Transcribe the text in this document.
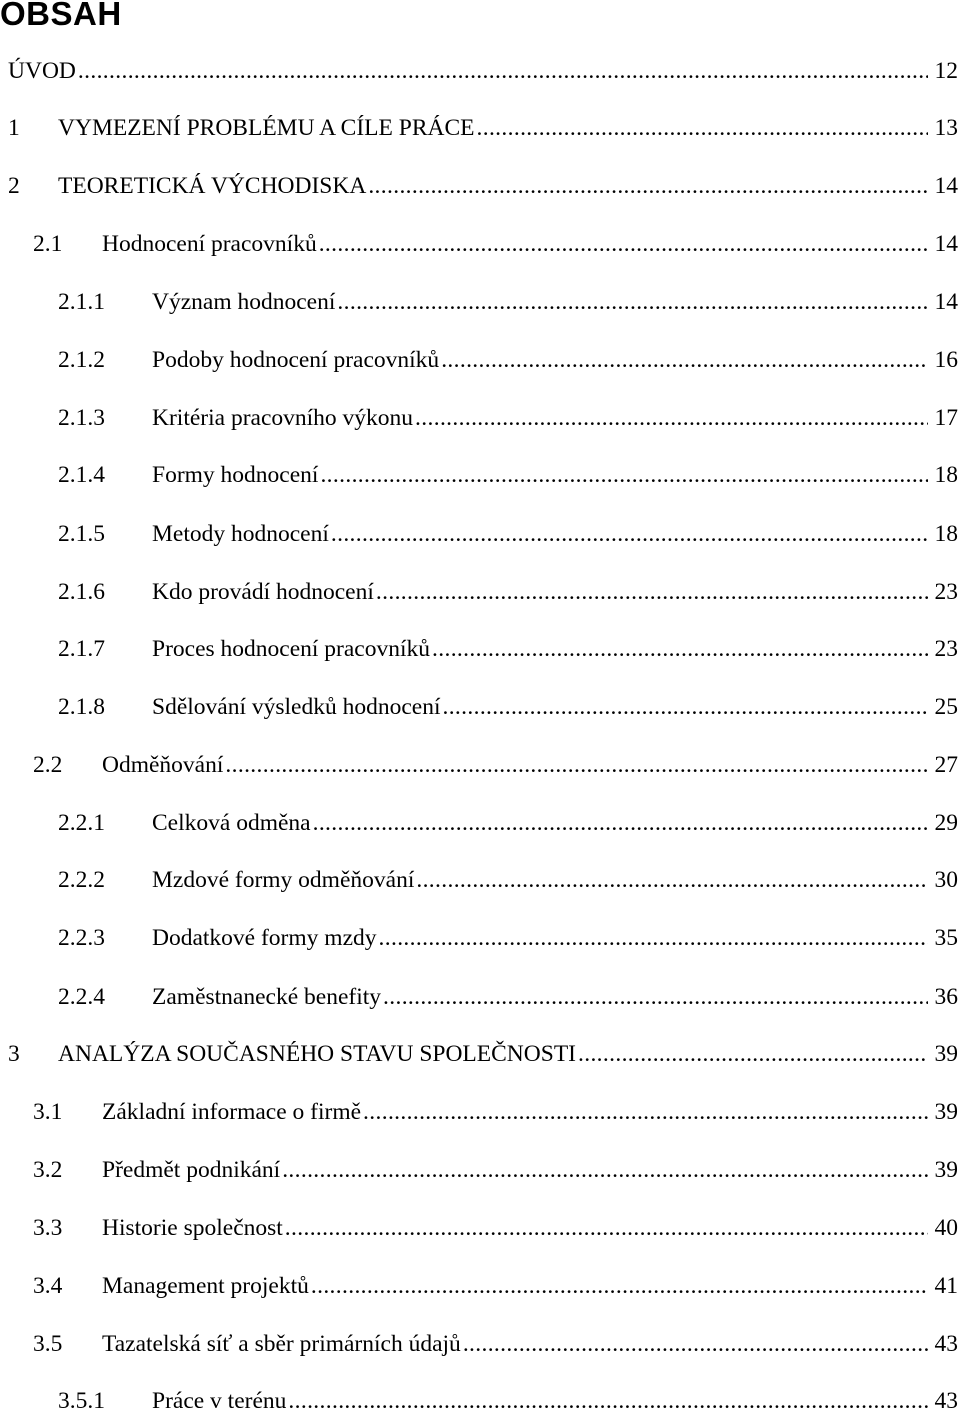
OBSAH
ÚVOD .....	12
1	VYMEZENÍ PROBLÉMU A CÍLE PRÁCE .....	13
2	TEORETICKÁ VÝCHODISKA .....	14
2.1	Hodnocení pracovníků .....	14
2.1.1	Význam hodnocení .....	14
2.1.2	Podoby hodnocení pracovníků .....	16
2.1.3	Kritéria pracovního výkonu .....	17
2.1.4	Formy hodnocení .....	18
2.1.5	Metody hodnocení .....	18
2.1.6	Kdo provádí hodnocení .....	23
2.1.7	Proces hodnocení pracovníků .....	23
2.1.8	Sdělování výsledků hodnocení .....	25
2.2	Odměňování .....	27
2.2.1	Celková odměna .....	29
2.2.2	Mzdové formy odměňování .....	30
2.2.3	Dodatkové formy mzdy .....	35
2.2.4	Zaměstnanecké benefity .....	36
3	ANALÝZA SOUČASNÉHO STAVU SPOLEČNOSTI .....	39
3.1	Základní informace o firmě .....	39
3.2	Předmět podnikání .....	39
3.3	Historie společnost .....	40
3.4	Management projektů .....	41
3.5	Tazatelská síť a sběr primárních údajů .....	43
3.5.1	Práce v terénu .....	43
